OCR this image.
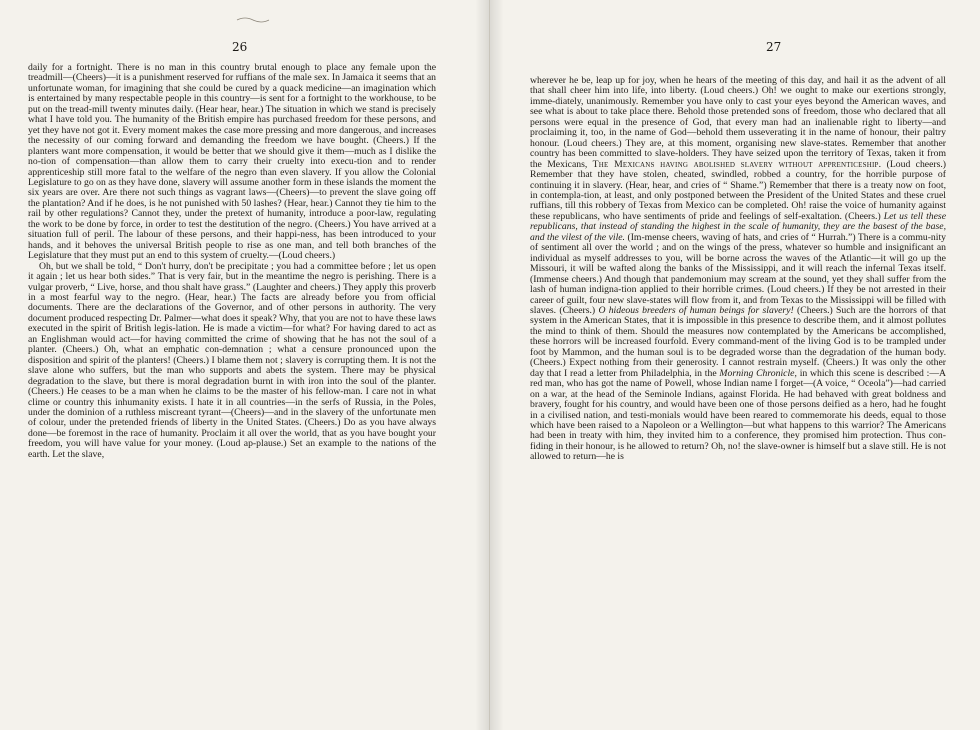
26

daily for a fortnight. There is no man in this country brutal enough to place any female upon the treadmill—(Cheers)—it is a punishment reserved for ruffians of the male sex. In Jamaica it seems that an unfortunate woman, for imagining that she could be cured by a quack medicine—an imagination which is entertained by many respectable people in this country—is sent for a fortnight to the workhouse, to be put on the tread-mill twenty minutes daily. (Hear hear, hear.) The situation in which we stand is precisely what I have told you. The humanity of the British empire has purchased freedom for these persons, and yet they have not got it. Every moment makes the case more pressing and more dangerous, and increases the necessity of our coming forward and demanding the freedom we have bought. (Cheers.) If the planters want more compensation, it would be better that we should give it them—much as I dislike the no-tion of compensation—than allow them to carry their cruelty into execu-tion and to render apprenticeship still more fatal to the welfare of the negro than even slavery. If you allow the Colonial Legislature to go on as they have done, slavery will assume another form in these islands the moment the six years are over. Are there not such things as vagrant laws—(Cheers)—to prevent the slave going off the plantation? And if he does, is he not punished with 50 lashes? (Hear, hear.) Cannot they tie him to the rail by other regulations? Cannot they, under the pretext of humanity, introduce a poor-law, regulating the work to be done by force, in order to test the destitution of the negro. (Cheers.) You have arrived at a situation full of peril. The labour of these persons, and their happi-ness, has been introduced to your hands, and it behoves the universal British people to rise as one man, and tell both branches of the Legislature that they must put an end to this system of cruelty.—(Loud cheers.)

Oh, but we shall be told, “ Don't hurry, don't be precipitate ; you had a committee before ; let us open it again ; let us hear both sides.” That is very fair, but in the meantime the negro is perishing. There is a vulgar proverb, “ Live, horse, and thou shalt have grass.” (Laughter and cheers.) They apply this proverb in a most fearful way to the negro. (Hear, hear.) The facts are already before you from official documents. There are the declarations of the Governor, and of other persons in authority. The very document produced respecting Dr. Palmer—what does it speak? Why, that you are not to have these laws executed in the spirit of British legis-lation. He is made a victim—for what? For having dared to act as an Englishman would act—for having committed the crime of showing that he has not the soul of a planter. (Cheers.) Oh, what an emphatic con-demnation ; what a censure pronounced upon the disposition and spirit of the planters! (Cheers.) I blame them not ; slavery is corrupting them. It is not the slave alone who suffers, but the man who supports and abets the system. There may be physical degradation to the slave, but there is moral degradation burnt in with iron into the soul of the planter. (Cheers.) He ceases to be a man when he claims to be the master of his fellow-man. I care not in what clime or country this inhumanity exists. I hate it in all countries—in the serfs of Russia, in the Poles, under the dominion of a ruthless miscreant tyrant—(Cheers)—and in the slavery of the unfortunate men of colour, under the pretended friends of liberty in the United States. (Cheers.) Do as you have always done—be foremost in the race of humanity. Proclaim it all over the world, that as you have bought your freedom, you will have value for your money. (Loud ap-plause.) Set an example to the nations of the earth. Let the slave,

27

wherever he be, leap up for joy, when he hears of the meeting of this day, and hail it as the advent of all that shall cheer him into life, into liberty. (Loud cheers.) Oh! we ought to make our exertions strongly, imme-diately, unanimously. Remember you have only to cast your eyes beyond the American waves, and see what is about to take place there. Behold those pretended sons of freedom, those who declared that all persons were equal in the presence of God, that every man had an inalienable right to liberty—and proclaiming it, too, in the name of God—behold them usseverating it in the name of honour, their paltry honour. (Loud cheers.) They are, at this moment, organising new slave-states. Remember that another country has been committed to slave-holders. They have seized upon the territory of Texas, taken it from the Mexicans, The Mexicans having abolished slavery without apprenticeship. (Loud cheers.) Remember that they have stolen, cheated, swindled, robbed a country, for the horrible purpose of continuing it in slavery. (Hear, hear, and cries of “ Shame.”) Remember that there is a treaty now on foot, in contempla-tion, at least, and only postponed between the President of the United States and these cruel ruffians, till this robbery of Texas from Mexico can be completed. Oh! raise the voice of humanity against these republicans, who have sentiments of pride and feelings of self-exaltation. (Cheers.) Let us tell these republicans, that instead of standing the highest in the scale of humanity, they are the basest of the base, and the vilest of the vile. (Im-mense cheers, waving of hats, and cries of “ Hurrah.”) There is a commu-nity of sentiment all over the world ; and on the wings of the press, whatever so humble and insignificant an individual as myself addresses to you, will be borne across the waves of the Atlantic—it will go up the Missouri, it will be wafted along the banks of the Mississippi, and it will reach the infernal Texas itself. (Immense cheers.) And though that pandemonium may scream at the sound, yet they shall suffer from the lash of human indigna-tion applied to their horrible crimes. (Loud cheers.) If they be not arrested in their career of guilt, four new slave-states will flow from it, and from Texas to the Mississippi will be filled with slaves. (Cheers.) O hideous breeders of human beings for slavery! (Cheers.) Such are the horrors of that system in the American States, that it is impossible in this presence to describe them, and it almost pollutes the mind to think of them. Should the measures now contemplated by the Americans be accomplished, these horrors will be increased fourfold. Every command-ment of the living God is to be trampled under foot by Mammon, and the human soul is to be degraded worse than the degradation of the human body. (Cheers.) Expect nothing from their generosity. I cannot restrain myself. (Cheers.) It was only the other day that I read a letter from Philadelphia, in the Morning Chronicle, in which this scene is described :—A red man, who has got the name of Powell, whose Indian name I forget—(A voice, “ Oceola”)—had carried on a war, at the head of the Seminole Indians, against Florida. He had behaved with great boldness and bravery, fought for his country, and would have been one of those persons deified as a hero, had he fought in a civilised nation, and testi-monials would have been reared to commemorate his deeds, equal to those which have been raised to a Napoleon or a Wellington—but what happens to this warrior? The Americans had been in treaty with him, they invited him to a conference, they promised him protection. Thus con-fiding in their honour, is he allowed to return? Oh, no! the slave-owner is himself but a slave still. He is not allowed to return—he is
